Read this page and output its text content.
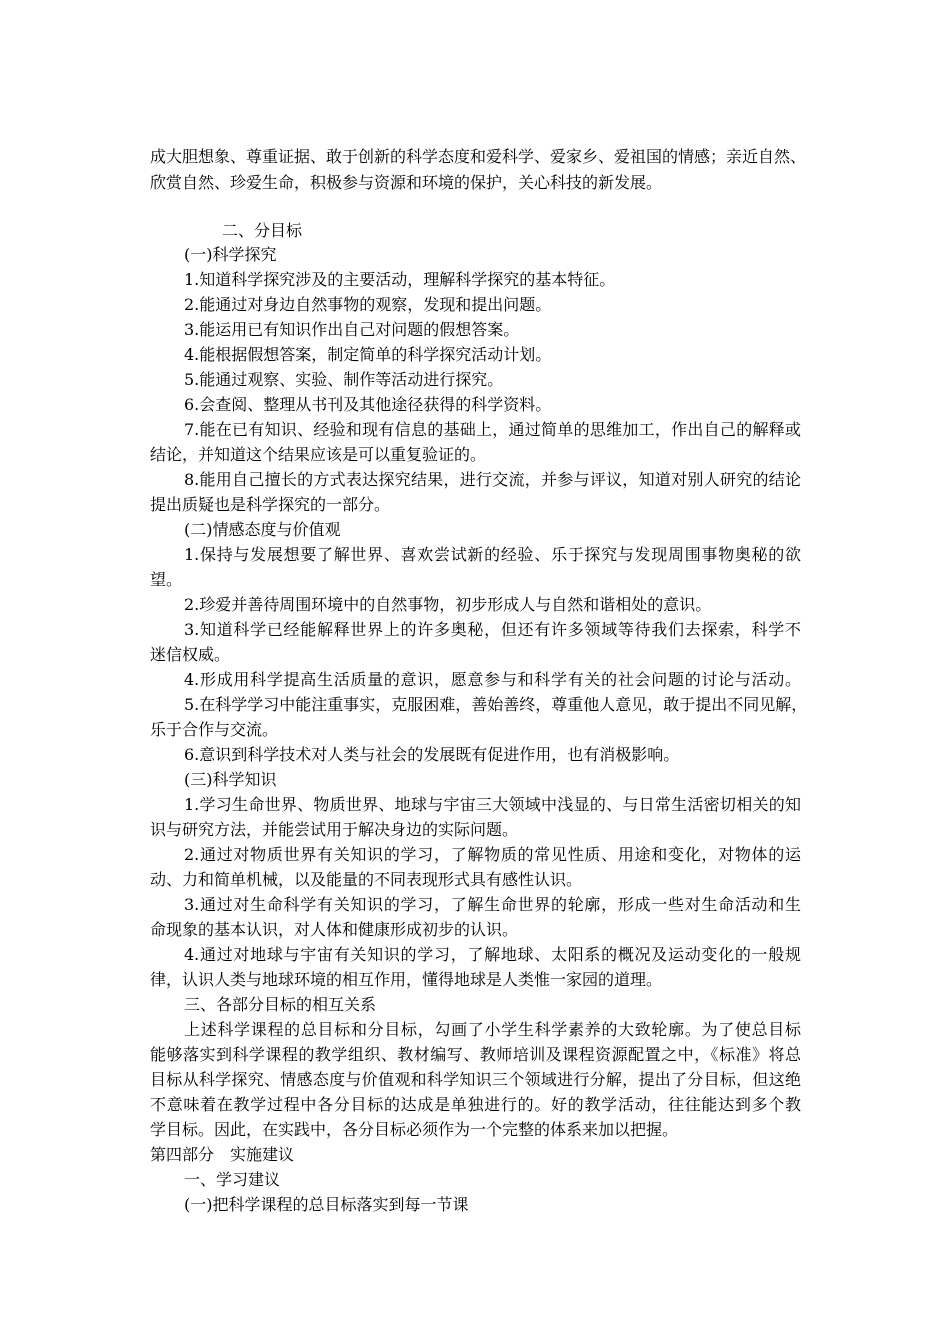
成大胆想象、尊重证据、敢于创新的科学态度和爱科学、爱家乡、爱祖国的情感；亲近自然、
欣赏自然、珍爱生命，积极参与资源和环境的保护，关心科技的新发展。
二、分目标
(一)科学探究
1.知道科学探究涉及的主要活动，理解科学探究的基本特征。
2.能通过对身边自然事物的观察，发现和提出问题。
3.能运用已有知识作出自己对问题的假想答案。
4.能根据假想答案，制定简单的科学探究活动计划。
5.能通过观察、实验、制作等活动进行探究。
6.会查阅、整理从书刊及其他途径获得的科学资料。
7.能在已有知识、经验和现有信息的基础上，通过简单的思维加工，作出自己的解释或
结论，并知道这个结果应该是可以重复验证的。
8.能用自己擅长的方式表达探究结果，进行交流，并参与评议，知道对别人研究的结论
提出质疑也是科学探究的一部分。
(二)情感态度与价值观
1.保持与发展想要了解世界、喜欢尝试新的经验、乐于探究与发现周围事物奥秘的欲
望。
2.珍爱并善待周围环境中的自然事物，初步形成人与自然和谐相处的意识。
3.知道科学已经能解释世界上的许多奥秘，但还有许多领域等待我们去探索，科学不
迷信权威。
4.形成用科学提高生活质量的意识，愿意参与和科学有关的社会问题的讨论与活动。
5.在科学学习中能注重事实，克服困难，善始善终，尊重他人意见，敢于提出不同见解，
乐于合作与交流。
6.意识到科学技术对人类与社会的发展既有促进作用，也有消极影响。
(三)科学知识
1.学习生命世界、物质世界、地球与宇宙三大领域中浅显的、与日常生活密切相关的知
识与研究方法，并能尝试用于解决身边的实际问题。
2.通过对物质世界有关知识的学习，了解物质的常见性质、用途和变化，对物体的运
动、力和简单机械，以及能量的不同表现形式具有感性认识。
3.通过对生命科学有关知识的学习，了解生命世界的轮廓，形成一些对生命活动和生
命现象的基本认识，对人体和健康形成初步的认识。
4.通过对地球与宇宙有关知识的学习，了解地球、太阳系的概况及运动变化的一般规
律，认识人类与地球环境的相互作用，懂得地球是人类惟一家园的道理。
三、各部分目标的相互关系
上述科学课程的总目标和分目标，勾画了小学生科学素养的大致轮廓。为了使总目标
能够落实到科学课程的教学组织、教材编写、教师培训及课程资源配置之中，《标准》将总
目标从科学探究、情感态度与价值观和科学知识三个领域进行分解，提出了分目标，但这绝
不意味着在教学过程中各分目标的达成是单独进行的。好的教学活动，往往能达到多个教
学目标。因此，在实践中，各分目标必须作为一个完整的体系来加以把握。
第四部分　实施建议
一、学习建议
(一)把科学课程的总目标落实到每一节课
